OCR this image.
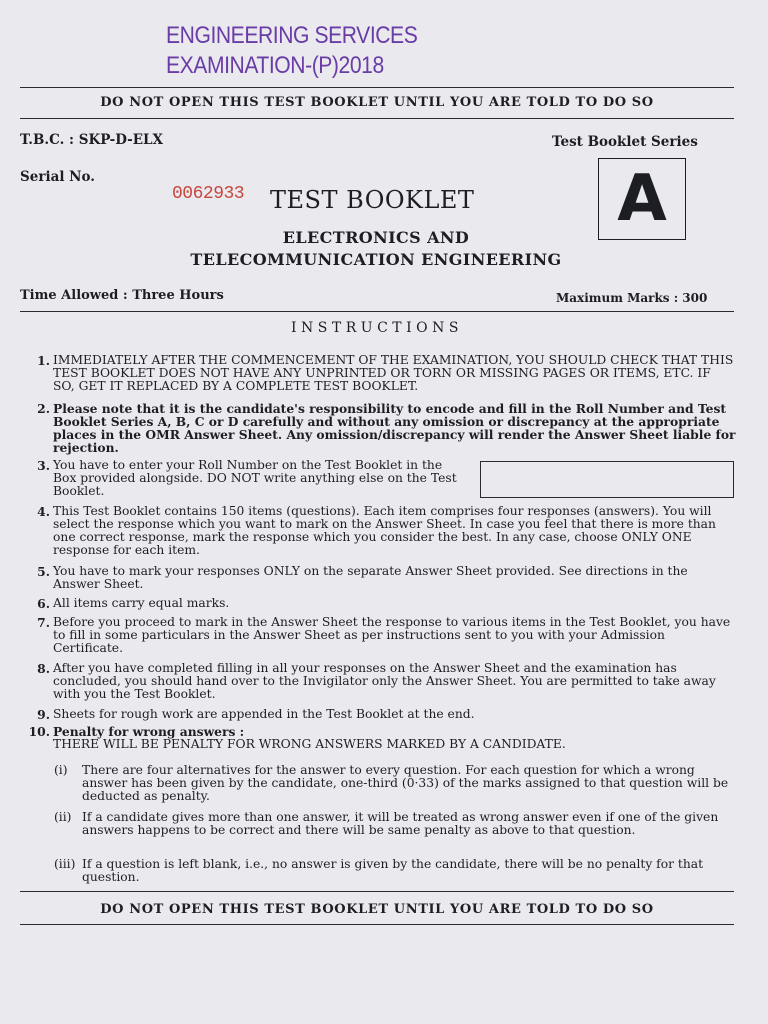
ENGINEERING SERVICES
EXAMINATION-(P)2018
DO NOT OPEN THIS TEST BOOKLET UNTIL YOU ARE TOLD TO DO SO
T.B.C. : SKP-D-ELX	Test Booklet Series
Serial No.
0062933 TEST BOOKLET	A
ELECTRONICS AND
TELECOMMUNICATION ENGINEERING
Time Allowed : Three Hours	Maximum Marks : 300
INSTRUCTIONS
1. IMMEDIATELY AFTER THE COMMENCEMENT OF THE EXAMINATION, YOU SHOULD CHECK THAT THIS TEST BOOKLET DOES NOT HAVE ANY UNPRINTED OR TORN OR MISSING PAGES OR ITEMS, ETC. IF SO, GET IT REPLACED BY A COMPLETE TEST BOOKLET.
2. Please note that it is the candidate's responsibility to encode and fill in the Roll Number and Test Booklet Series A, B, C or D carefully and without any omission or discrepancy at the appropriate places in the OMR Answer Sheet. Any omission/discrepancy will render the Answer Sheet liable for rejection.
3. You have to enter your Roll Number on the Test Booklet in the Box provided alongside. DO NOT write anything else on the Test Booklet.
4. This Test Booklet contains 150 items (questions). Each item comprises four responses (answers). You will select the response which you want to mark on the Answer Sheet. In case you feel that there is more than one correct response, mark the response which you consider the best. In any case, choose ONLY ONE response for each item.
5. You have to mark your responses ONLY on the separate Answer Sheet provided. See directions in the Answer Sheet.
6. All items carry equal marks.
7. Before you proceed to mark in the Answer Sheet the response to various items in the Test Booklet, you have to fill in some particulars in the Answer Sheet as per instructions sent to you with your Admission Certificate.
8. After you have completed filling in all your responses on the Answer Sheet and the examination has concluded, you should hand over to the Invigilator only the Answer Sheet. You are permitted to take away with you the Test Booklet.
9. Sheets for rough work are appended in the Test Booklet at the end.
10. Penalty for wrong answers :
THERE WILL BE PENALTY FOR WRONG ANSWERS MARKED BY A CANDIDATE.
(i)	There are four alternatives for the answer to every question. For each question for which a wrong answer has been given by the candidate, one-third (0·33) of the marks assigned to that question will be deducted as penalty.
(ii) If a candidate gives more than one answer, it will be treated as wrong answer even if one of the given answers happens to be correct and there will be same penalty as above to that question.
(iii) If a question is left blank, i.e., no answer is given by the candidate, there will be no penalty for that question.
DO NOT OPEN THIS TEST BOOKLET UNTIL YOU ARE TOLD TO DO SO
